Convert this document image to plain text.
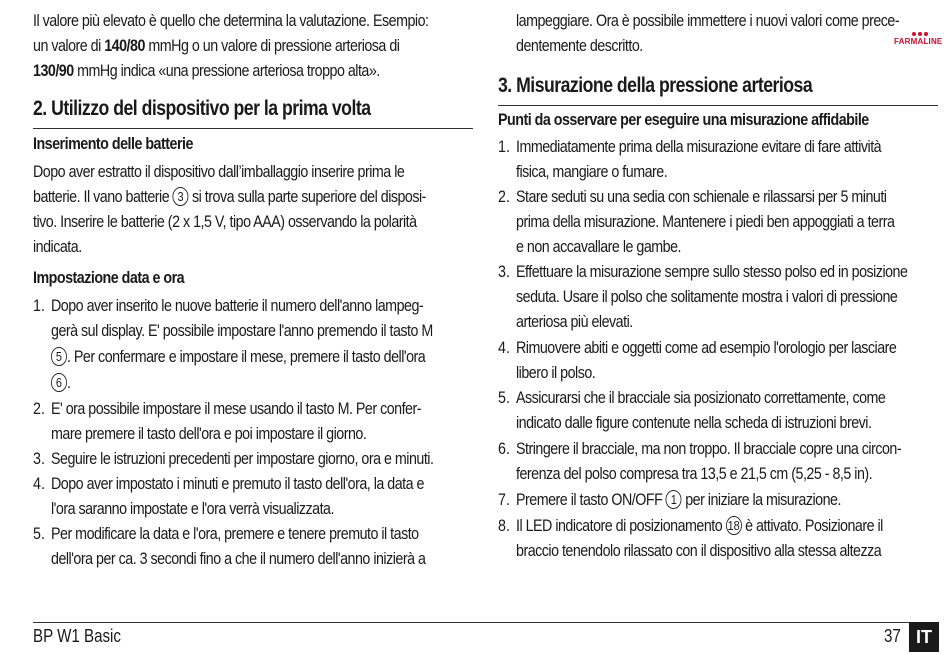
FARMALINE
Il valore più elevato è quello che determina la valutazione. Esempio:
un valore di 140/80 mmHg o un valore di pressione arteriosa di
130/90 mmHg indica «una pressione arteriosa troppo alta».
2. Utilizzo del dispositivo per la prima volta
Inserimento delle batterie
Dopo aver estratto il dispositivo dall’imballaggio inserire prima le
batterie. Il vano batterie 3 si trova sulla parte superiore del disposi-
tivo. Inserire le batterie (2 x 1,5 V, tipo AAA) osservando la polarità
indicata.
Impostazione data e ora
1. Dopo aver inserito le nuove batterie il numero dell'anno lampeg-
gerà sul display. E' possibile impostare l'anno premendo il tasto M
5 . Per confermare e impostare il mese, premere il tasto dell'ora
6 .
2. E' ora possibile impostare il mese usando il tasto M. Per confer-
mare premere il tasto dell'ora e poi impostare il giorno.
3. Seguire le istruzioni precedenti per impostare giorno, ora e minuti.
4. Dopo aver impostato i minuti e premuto il tasto dell'ora, la data e
l'ora saranno impostate e l'ora verrà visualizzata.
5. Per modificare la data e l'ora, premere e tenere premuto il tasto
dell'ora per ca. 3 secondi fino a che il numero dell'anno inizierà a
lampeggiare. Ora è possibile immettere i nuovi valori come prece-
dentemente descritto.
3. Misurazione della pressione arteriosa
Punti da osservare per eseguire una misurazione affidabile
1. Immediatamente prima della misurazione evitare di fare attività
fisica, mangiare o fumare.
2. Stare seduti su una sedia con schienale e rilassarsi per 5 minuti
prima della misurazione. Mantenere i piedi ben appoggiati a terra
e non accavallare le gambe.
3. Effettuare la misurazione sempre sullo stesso polso ed in posizione
seduta. Usare il polso che solitamente mostra i valori di pressione
arteriosa più elevati.
4. Rimuovere abiti e oggetti come ad esempio l'orologio per lasciare
libero il polso.
5. Assicurarsi che il bracciale sia posizionato correttamente, come
indicato dalle figure contenute nella scheda di istruzioni brevi.
6. Stringere il bracciale, ma non troppo. Il bracciale copre una circon-
ferenza del polso compresa tra 13,5 e 21,5 cm (5,25 - 8,5 in).
7. Premere il tasto ON/OFF 1 per iniziare la misurazione.
8. Il LED indicatore di posizionamento 18 è attivato. Posizionare il
braccio tenendolo rilassato con il dispositivo alla stessa altezza
BP W1 Basic	37 IT
